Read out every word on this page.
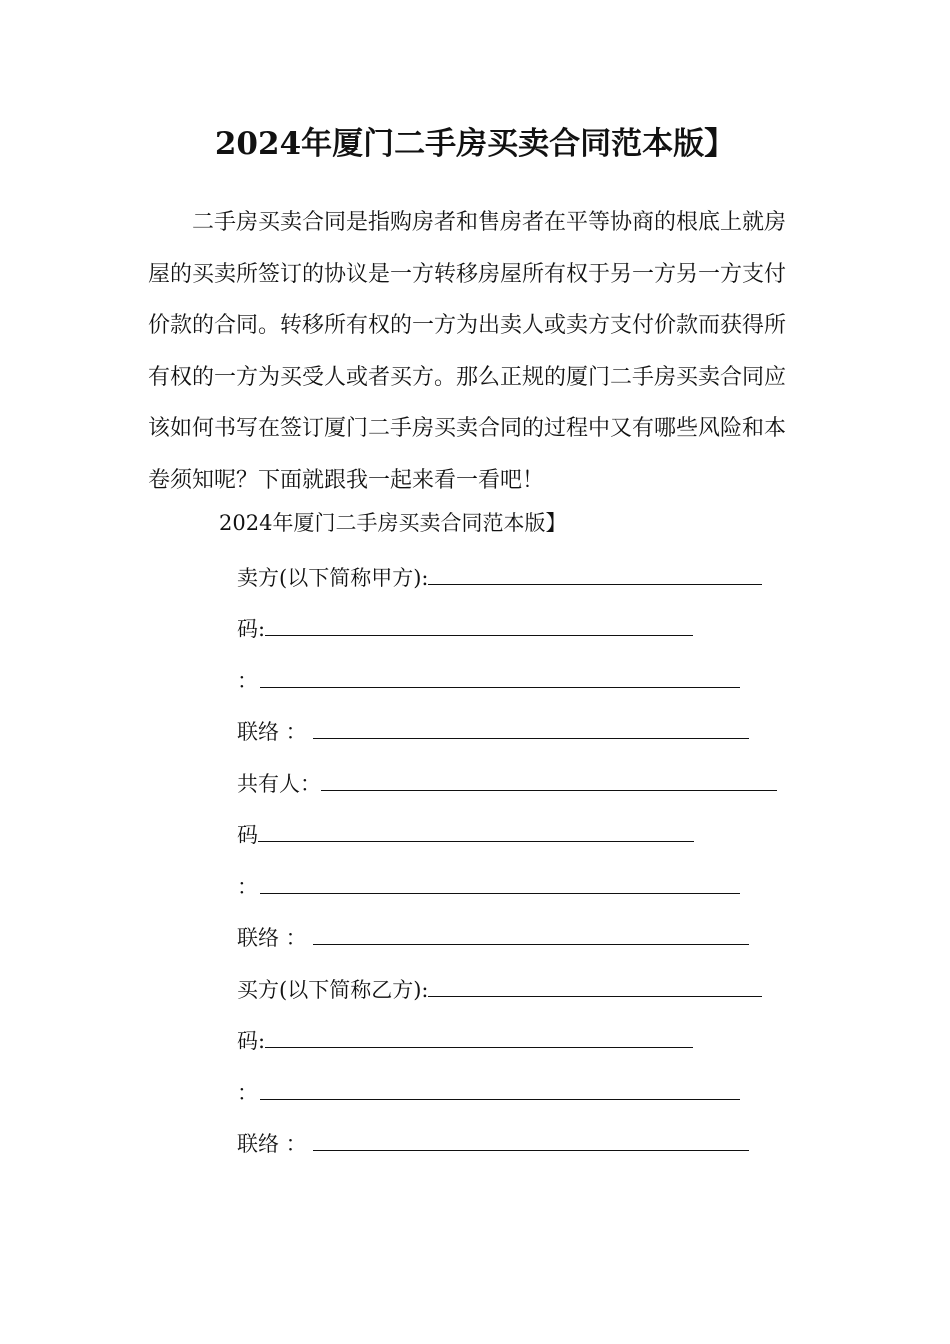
2024年厦门二手房买卖合同范本版】
二手房买卖合同是指购房者和售房者在平等协商的根底上就房
屋的买卖所签订的协议是一方转移房屋所有权于另一方另一方支付
价款的合同。转移所有权的一方为出卖人或卖方支付价款而获得所
有权的一方为买受人或者买方。那么正规的厦门二手房买卖合同应
该如何书写在签订厦门二手房买卖合同的过程中又有哪些风险和本
卷须知呢？下面就跟我一起来看一看吧！
2024年厦门二手房买卖合同范本版】
卖方(以下简称甲方):
码:
：
联络 ：
共有人：
码
：
联络 ：
买方(以下简称乙方):
码:
：
联络 ：
